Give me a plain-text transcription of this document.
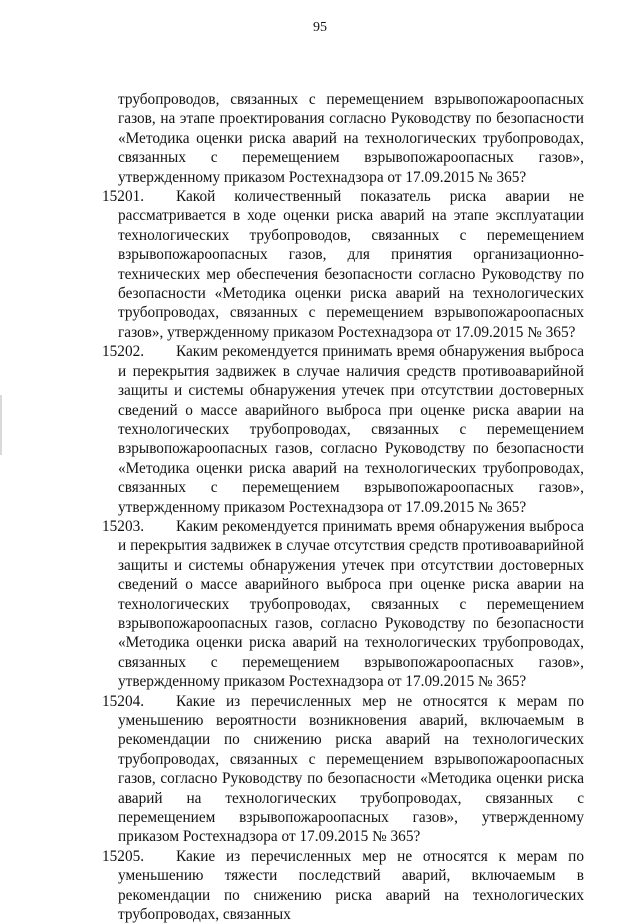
95

трубопроводов, связанных с перемещением взрывопожароопасных газов, на этапе проектирования согласно Руководству по безопасности «Методика оценки риска аварий на технологических трубопроводах, связанных с перемещением взрывопожароопасных газов», утвержденному приказом Ростехнадзора от 17.09.2015 № 365?

15201.	Какой количественный показатель риска аварии не рассматривается в ходе оценки риска аварий на этапе эксплуатации технологических трубопроводов, связанных с перемещением взрывопожароопасных газов, для принятия организационно-технических мер обеспечения безопасности согласно Руководству по безопасности «Методика оценки риска аварий на технологических трубопроводах, связанных с перемещением взрывопожароопасных газов», утвержденному приказом Ростехнадзора от 17.09.2015 № 365?

15202.	Каким рекомендуется принимать время обнаружения выброса и перекрытия задвижек в случае наличия средств противоаварийной защиты и системы обнаружения утечек при отсутствии достоверных сведений о массе аварийного выброса при оценке риска аварии на технологических трубопроводах, связанных с перемещением взрывопожароопасных газов, согласно Руководству по безопасности «Методика оценки риска аварий на технологических трубопроводах, связанных с перемещением взрывопожароопасных газов», утвержденному приказом Ростехнадзора от 17.09.2015 № 365?

15203.	Каким рекомендуется принимать время обнаружения выброса и перекрытия задвижек в случае отсутствия средств противоаварийной защиты и системы обнаружения утечек при отсутствии достоверных сведений о массе аварийного выброса при оценке риска аварии на технологических трубопроводах, связанных с перемещением взрывопожароопасных газов, согласно Руководству по безопасности «Методика оценки риска аварий на технологических трубопроводах, связанных с перемещением взрывопожароопасных газов», утвержденному приказом Ростехнадзора от 17.09.2015 № 365?

15204.	Какие из перечисленных мер не относятся к мерам по уменьшению вероятности возникновения аварий, включаемым в рекомендации по снижению риска аварий на технологических трубопроводах, связанных с перемещением взрывопожароопасных газов, согласно Руководству по безопасности «Методика оценки риска аварий на технологических трубопроводах, связанных с перемещением взрывопожароопасных газов», утвержденному приказом Ростехнадзора от 17.09.2015 № 365?

15205.	Какие из перечисленных мер не относятся к мерам по уменьшению тяжести последствий аварий, включаемым в рекомендации по снижению риска аварий на технологических трубопроводах, связанных
